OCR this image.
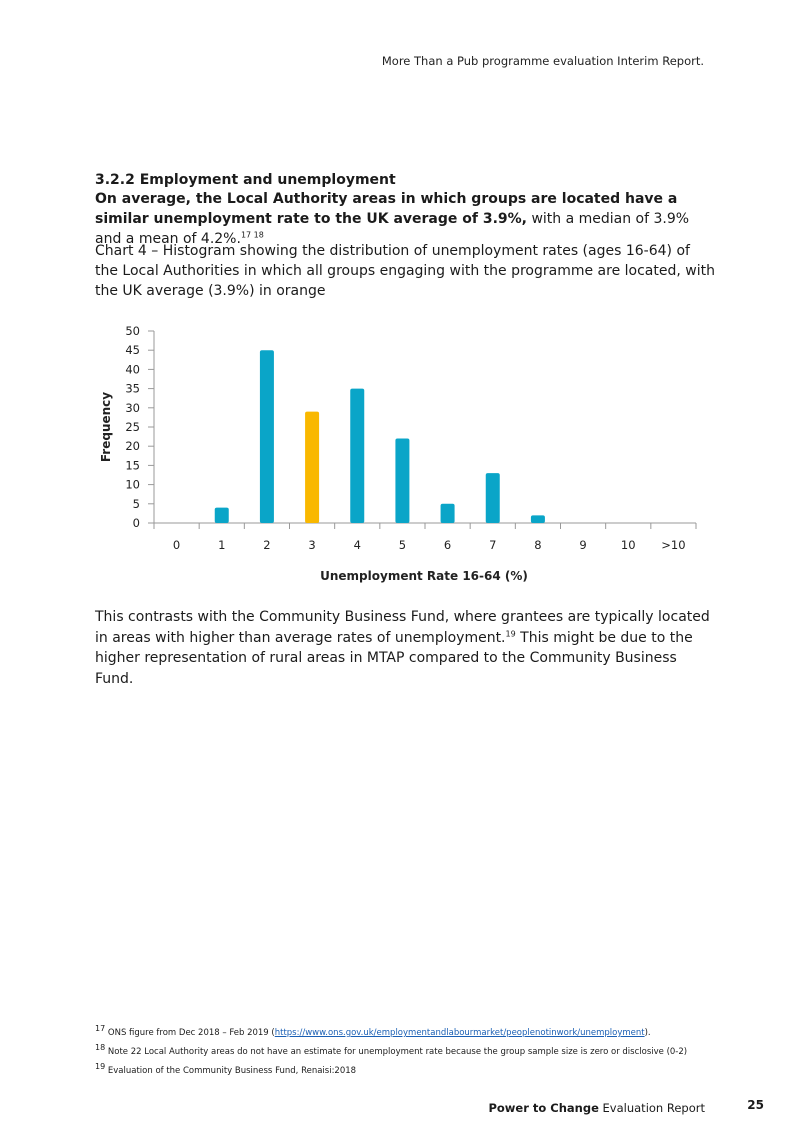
More Than a Pub programme evaluation Interim Report.
3.2.2 Employment and unemployment
On average, the Local Authority areas in which groups are located have a similar unemployment rate to the UK average of 3.9%, with a median of 3.9% and a mean of 4.2%.$^{17 18}$
Chart 4 – Histogram showing the distribution of unemployment rates (ages 16-64) of the Local Authorities in which all groups engaging with the programme are located, with the UK average (3.9%) in orange
0
5
10
15
20
25
30
35
40
45
50
0	1	2	3	4	5	6	7	8	9	10 >10
Unemployment Rate 16-64 (%)
Frequency
This contrasts with the Community Business Fund, where grantees are typically located in areas with higher than average rates of unemployment.$^{19}$ This might be due to the higher representation of rural areas in MTAP compared to the Community Business Fund.
$^{17}$ ONS figure from Dec 2018 – Feb 2019 (https://www.ons.gov.uk/employmentandlabourmarket/peoplenotinwork/unemployment).
$^{18}$ Note 22 Local Authority areas do not have an estimate for unemployment rate because the group sample size is zero or disclosive (0-2)
$^{19}$ Evaluation of the Community Business Fund, Renaisi:2018
Power to Change Evaluation Report	25
